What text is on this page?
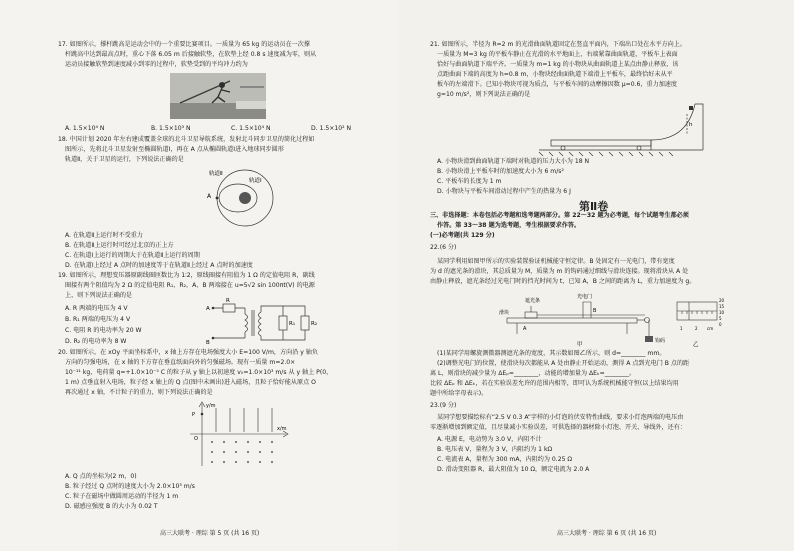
17. 如图所示，撑杆跳高是运动会中的一个重要比赛项目。一质量为 65 kg 的运动员在一次撑
杆跳高中达到最高点时，重心下落 6.05 m 后接触软垫，在软垫上经 0.8 s 速度减为零，则从
运动员接触软垫到速度减小到零的过程中，软垫受到的平均冲力约为
A. 1.5×10⁴ N	B. 1.5×10³ N	C. 1.5×10⁴ N	D. 1.5×10² N
18. 中国计划 2020 年左右建成覆盖全球的北斗卫星导航系统，发射北斗同步卫星的简化过程如
图所示，先将北斗卫星发射至椭圆轨道Ⅰ，再在 A 点从椭圆轨道Ⅰ进入地球同步圆形
轨道Ⅱ，关于卫星的运行，下列说法正确的是
A
轨道Ⅱ
轨道Ⅰ
A. 在轨道Ⅱ上运行时不受重力
B. 在轨道Ⅱ上运行时可经过北京的正上方
C. 在轨道Ⅰ上运行的周期大于在轨道Ⅱ上运行的周期
D. 在轨道Ⅰ上经过 A 点时的加速度等于在轨道Ⅱ上经过 A 点时的加速度
19. 如图所示，理想变压器原副线圈匝数比为 1∶2，原线圈接有阻值为 1 Ω 的定值电阻 R，副线
圈接有两个阻值均为 2 Ω 的定值电阻 R₁、R₂，A、B 两端接在 u=5√2 sin 100πt(V) 的电源
上，则下列说法正确的是
A. R 两端的电压为 4 V
B. R₁ 两端的电压为 4 V
C. 电阻 R 的电功率为 20 W
D. R₂ 的电功率为 8 W
A
B
R
R₁	R₂
20. 如图所示，在 xOy 平面坐标系中，x 轴上方存在电场强度大小 E=100 V/m，方向沿 y 轴负
方向的匀强电场，在 x 轴的下方存在垂直纸面向外的匀强磁场。现有一质量 m=2.0×
10⁻¹¹ kg，电荷量 q=+1.0×10⁻⁵ C 的粒子从 y 轴上以初速度 v₀=1.0×10³ m/s 从 y 轴上 P(0，
1 m) 点垂直射入电场，粒子经 x 轴上的 Q 点(图中未画出)进入磁场，且粒子恰好能从原点 O
再次通过 x 轴，不计粒子的重力，则下列说法正确的是
y/m
P
x/m
O
A. Q 点的坐标为(2 m，0)
B. 粒子经过 Q 点时的速度大小为 2.0×10³ m/s
C. 粒子在磁场中做圆周运动的半径为 1 m
D. 磁感应强度 B 的大小为 0.02 T
高三大联考 · 理综 第 5 页 (共 16 页)
21. 如图所示，半径为 R=2 m 的光滑曲面轨道固定在竖直平面内，下端出口处在水平方向上。
一质量为 M=3 kg 的平板车静止在光滑的水平地面上，右端紧靠曲面轨道，平板车上表面
恰好与曲面轨道下端平齐。一质量为 m=1 kg 的小物块从曲面轨道上某点由静止释放，该
点距曲面下端的高度为 h=0.8 m，小物块经曲面轨道下端滑上平板车，最终恰好未从平
板车的左端滑下。已知小物块可视为质点，与平板车间的动摩擦因数 μ=0.6，重力加速度
g=10 m/s²，则下列说法正确的是
h
A. 小物块滑到曲面轨道下端时对轨道的压力大小为 18 N
B. 小物块滑上平板车时的加速度大小为 6 m/s²
C. 平板车的长度为 1 m
D. 小物块与平板车间滑动过程中产生的热量为 6 J
第Ⅱ卷
三、非选择题：本卷包括必考题和选考题两部分。第 22～32 题为必考题，每个试题考生都必须
作答。第 33～38 题为选考题，考生根据要求作答。
(一)必考题(共 129 分)
22.(6 分)
某同学利用如图甲所示的实验装置验证机械能守恒定律。B 处固定有一光电门，带有宽度
为 d 的遮光条的滑块，其总质量为 M，质量为 m 的钩码通过细线与滑块连接。现将滑块从 A 处
由静止释放，遮光条经过光电门时的挡光时间为 t，已知 A，B 之间的距离为 L，重力加速度为 g。
遮光条
光电门
滑块	B
A
钩码
甲	乙
20
15
10
5
0
1	2 cm
(1)某同学用螺旋测微器测遮光条的宽度，其示数如图乙所示，则 d=________ mm。
(2)调整光电门的位置，使滑块每次都能从 A 处由静止开始运动，测得 A 点到光电门 B 点的距
离 L，则滑块的减少量为 ΔEₚ=________，动能的增加量为 ΔEₖ=________。
比较 ΔEₚ 和 ΔEₖ，若在实验误差允许的范围内相等，即可认为系统机械能守恒(以上结果均用
题中所给字母表示)。
23.(9 分)
某同学想要描绘标有“2.5 V 0.3 A”字样的小灯泡的伏安特性曲线，要求小灯泡两端的电压由
零逐渐增加到额定值，且尽量减小实验误差，可供选择的器材除小灯泡、开关、导线外，还有：
A. 电源 E，电动势为 3.0 V，内阻不计
B. 电压表 V，量程为 3 V，内阻约为 1 kΩ
C. 电流表 A，量程为 300 mA，内阻约为 0.25 Ω
D. 滑动变阻器 R，最大阻值为 10 Ω，额定电流为 2.0 A
高三大联考 · 理综 第 6 页 (共 16 页)
